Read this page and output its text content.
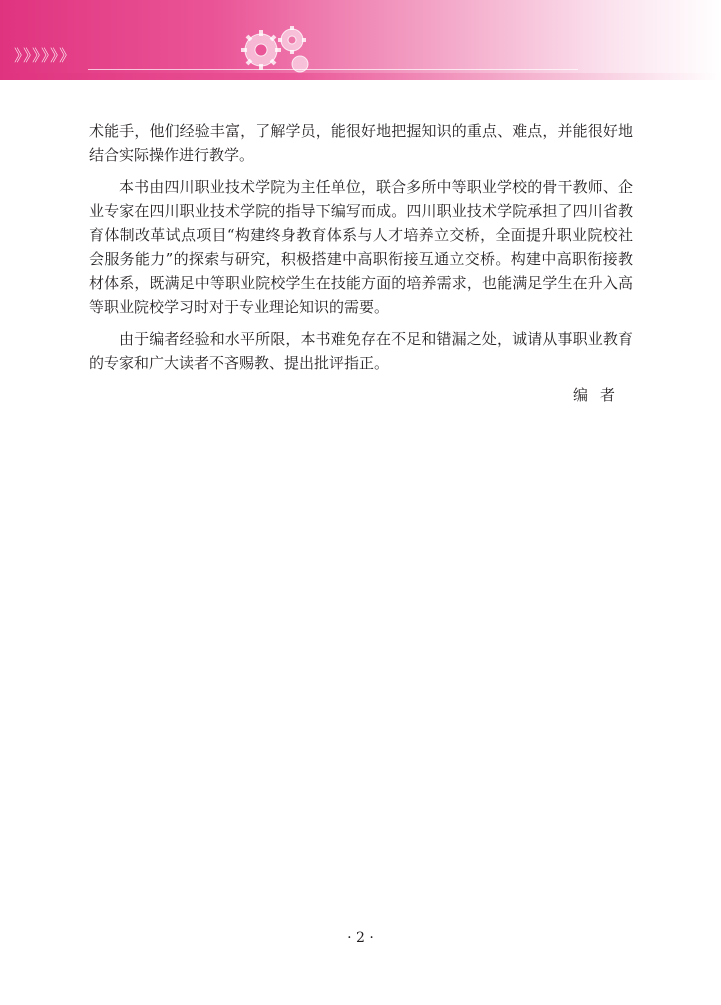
》》》》》》

术能手，他们经验丰富，了解学员，能很好地把握知识的重点、难点，并能很好地结合实际操作进行教学。

本书由四川职业技术学院为主任单位，联合多所中等职业学校的骨干教师、企业专家在四川职业技术学院的指导下编写而成。四川职业技术学院承担了四川省教育体制改革试点项目“构建终身教育体系与人才培养立交桥，全面提升职业院校社会服务能力”的探索与研究，积极搭建中高职衔接互通立交桥。构建中高职衔接教材体系，既满足中等职业院校学生在技能方面的培养需求，也能满足学生在升入高等职业院校学习时对于专业理论知识的需要。

由于编者经验和水平所限，本书难免存在不足和错漏之处，诚请从事职业教育的专家和广大读者不吝赐教、提出批评指正。

编者
· 2 ·
